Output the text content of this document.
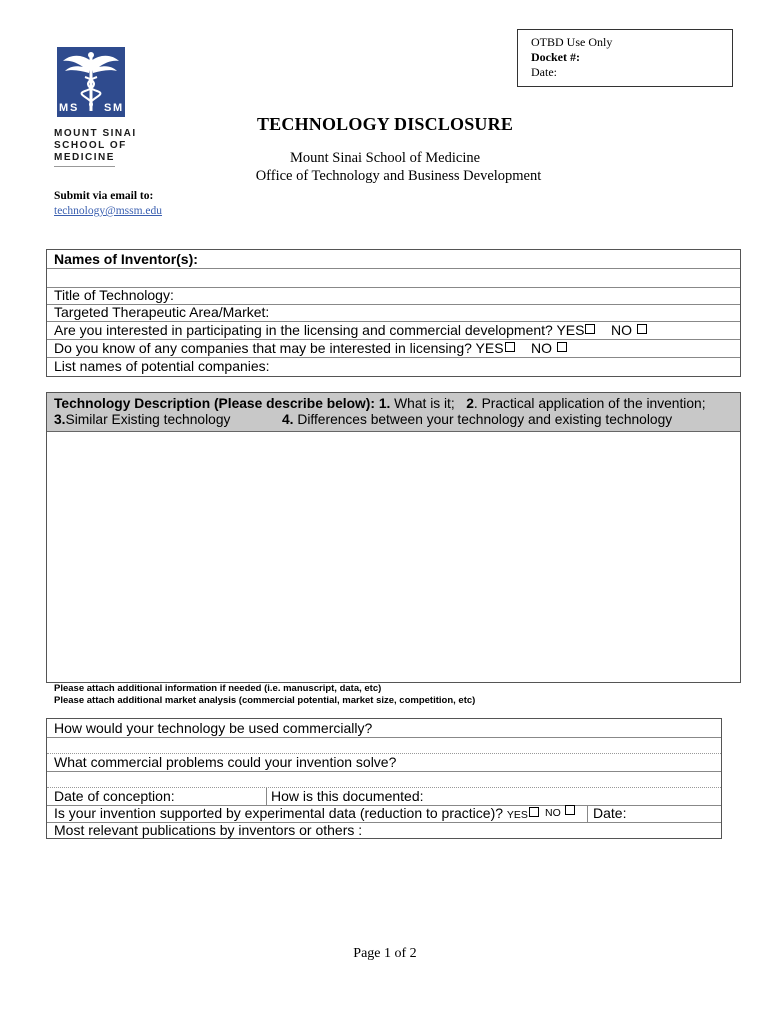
OTBD Use Only
Docket #:
Date:
M S S M
MOUNT SINAI
SCHOOL OF
MEDICINE
TECHNOLOGY DISCLOSURE
Mount Sinai School of Medicine
Office of Technology and Business Development
Submit via email to:
technology@mssm.edu
Names of Inventor(s):
Title of Technology:
Targeted Therapeutic Area/Market:
Are you interested in participating in the licensing and commercial development? YES NO
Do you know of any companies that may be interested in licensing? YES NO
List names of potential companies:
Technology Description (Please describe below): 1. What is it;   2. Practical application of the invention;
3.Similar Existing technology	4. Differences between your technology and existing technology
Please attach additional information if needed (i.e. manuscript, data, etc)
Please attach additional market analysis (commercial potential, market size, competition, etc)
How would your technology be used commercially?
What commercial problems could your invention solve?
Date of conception:	How is this documented:
Is your invention supported by experimental data (reduction to practice)? YES NO	Date:
Most relevant publications by inventors or others :
Page 1 of 2
